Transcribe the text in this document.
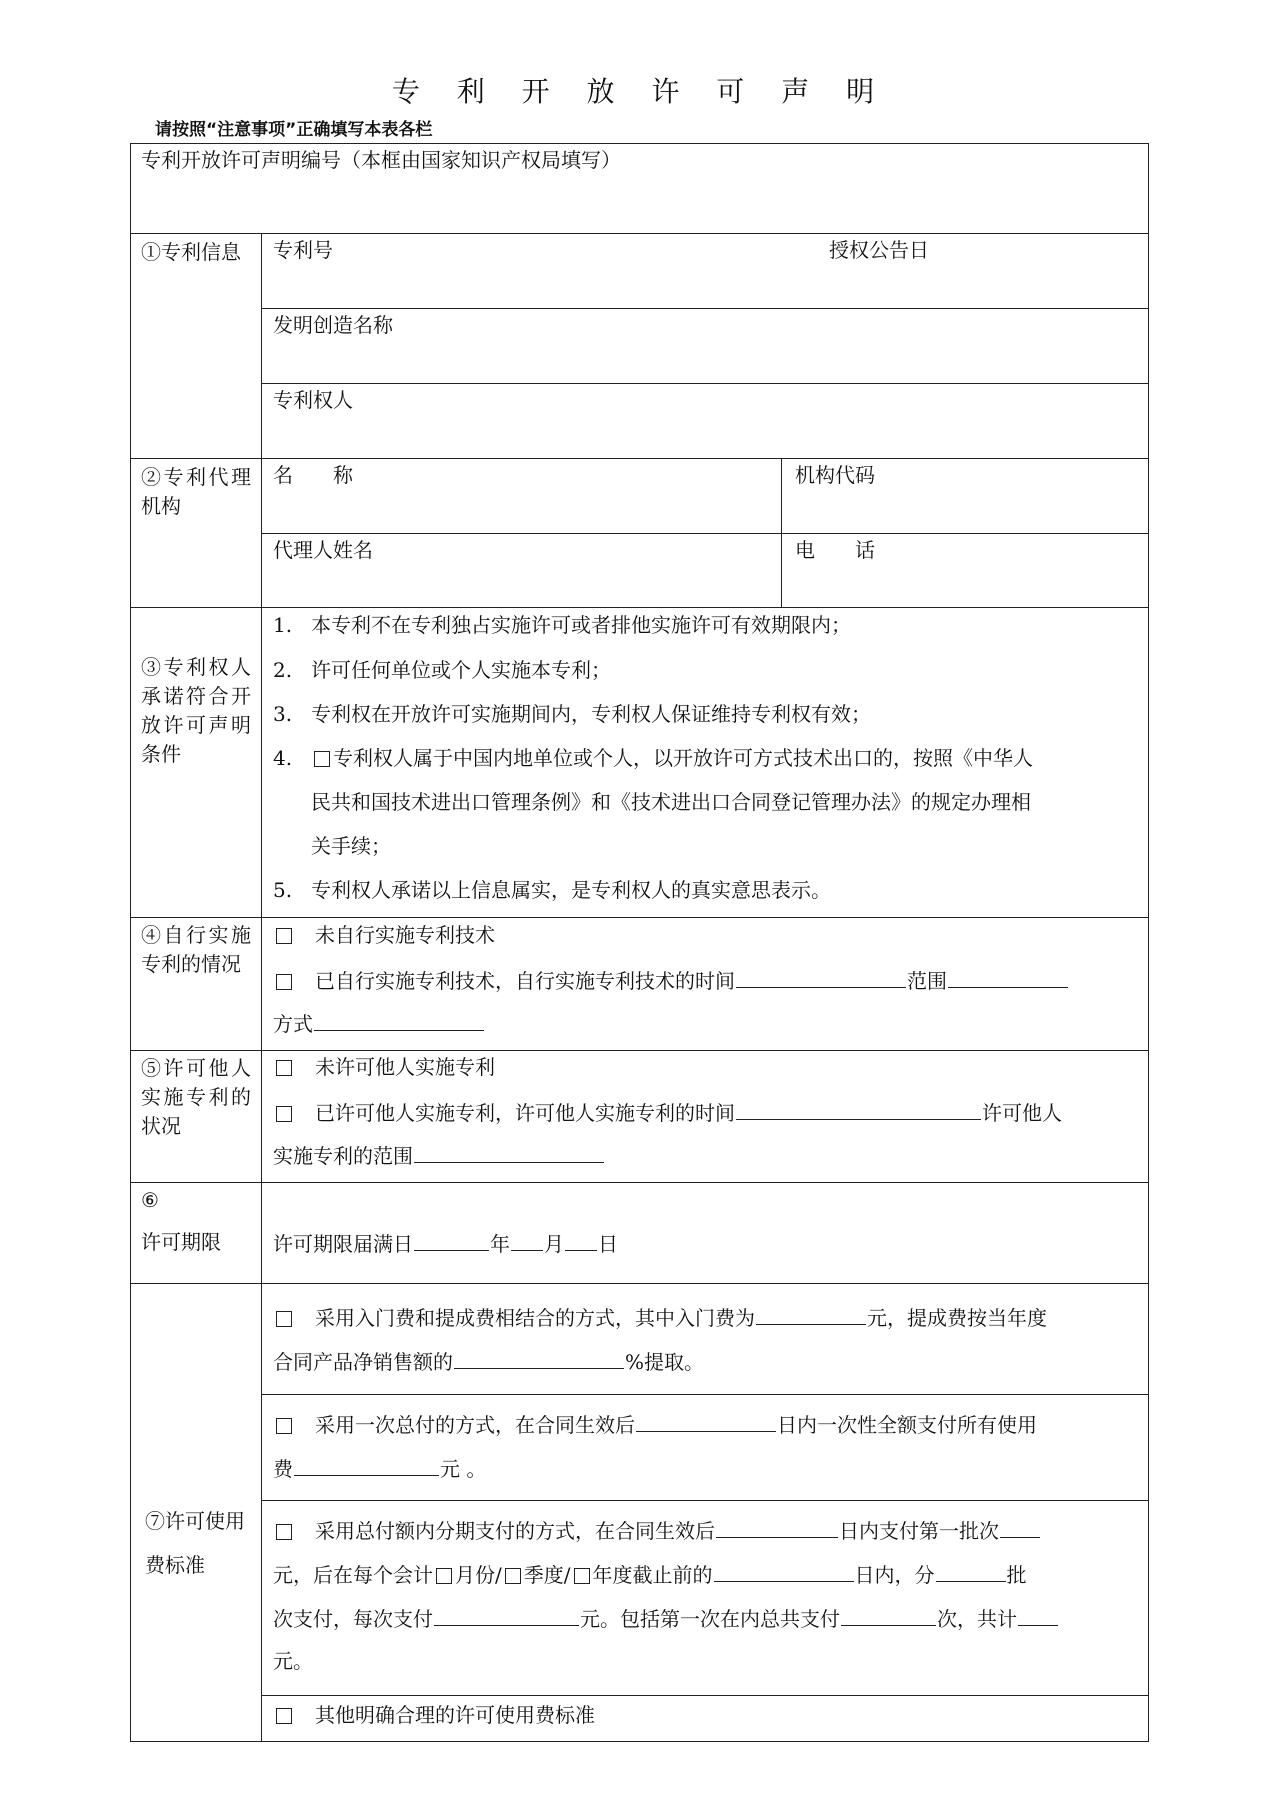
专 利 开 放 许 可 声 明
请按照“注意事项”正确填写本表各栏
专利开放许可声明编号（本框由国家知识产权局填写）
①专利信息	专利号	授权公告日
发明创造名称
专利权人
②专利代理机构
名　　称	机构代码
代理人姓名	电　　话
③专利权人承诺符合开放许可声明条件
1. 本专利不在专利独占实施许可或者排他实施许可有效期限内；
2. 许可任何单位或个人实施本专利；
3. 专利权在开放许可实施期间内，专利权人保证维持专利权有效；
4. 专利权人属于中国内地单位或个人，以开放许可方式技术出口的，按照《中华人
民共和国技术进出口管理条例》和《技术进出口合同登记管理办法》的规定办理相
关手续；
5. 专利权人承诺以上信息属实，是专利权人的真实意思表示。
④自行实施专利的情况
　未自行实施专利技术
　已自行实施专利技术，自行实施专利技术的时间	范围
方式
⑤许可他人实施专利的状况
　未许可他人实施专利
　已许可他人实施专利，许可他人实施专利的时间	许可他人
实施专利的范围
⑥
许可期限	许可期限届满日	年 月 日
⑦许可使用费标准
　采用入门费和提成费相结合的方式，其中入门费为	元，提成费按当年度
合同产品净销售额的	%提取。
　采用一次总付的方式，在合同生效后	日内一次性全额支付所有使用
费	元 。
　采用总付额内分期支付的方式，在合同生效后	日内支付第一批次
元，后在每个会计 月份/ 季度/ 年度截止前的	日内，分	批
次支付，每次支付	元。包括第一次在内总共支付	次，共计
元。
　其他明确合理的许可使用费标准
